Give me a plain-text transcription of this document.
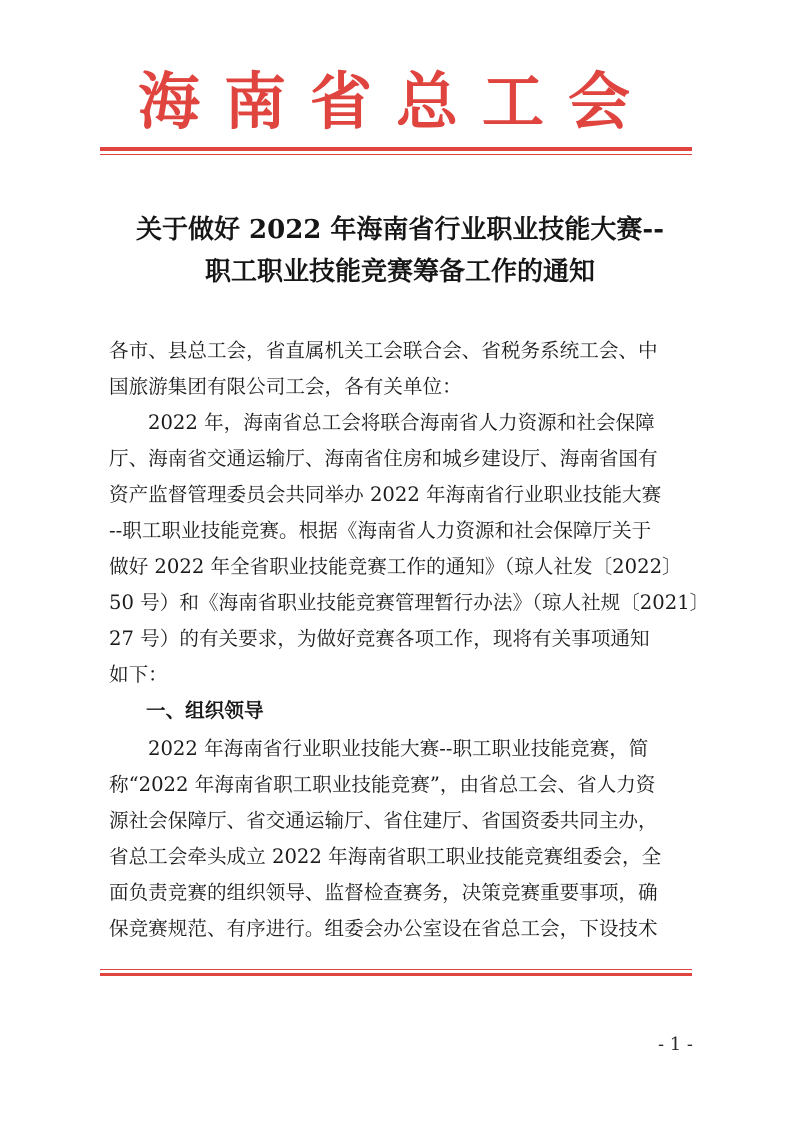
海南省总工会
关于做好 2022 年海南省行业职业技能大赛--
职工职业技能竞赛筹备工作的通知
各市、县总工会，省直属机关工会联合会、省税务系统工会、中
国旅游集团有限公司工会，各有关单位：
2022 年，海南省总工会将联合海南省人力资源和社会保障
厅、海南省交通运输厅、海南省住房和城乡建设厅、海南省国有
资产监督管理委员会共同举办 2022 年海南省行业职业技能大赛
--职工职业技能竞赛。根据《海南省人力资源和社会保障厅关于
做好 2022 年全省职业技能竞赛工作的通知》（琼人社发〔2022〕
50 号）和《海南省职业技能竞赛管理暂行办法》（琼人社规〔2021〕
27 号）的有关要求，为做好竞赛各项工作，现将有关事项通知
如下：
一、组织领导
2022 年海南省行业职业技能大赛--职工职业技能竞赛，简
称“2022 年海南省职工职业技能竞赛”，由省总工会、省人力资
源社会保障厅、省交通运输厅、省住建厅、省国资委共同主办，
省总工会牵头成立 2022 年海南省职工职业技能竞赛组委会，全
面负责竞赛的组织领导、监督检查赛务，决策竞赛重要事项，确
保竞赛规范、有序进行。组委会办公室设在省总工会，下设技术
- 1 -
